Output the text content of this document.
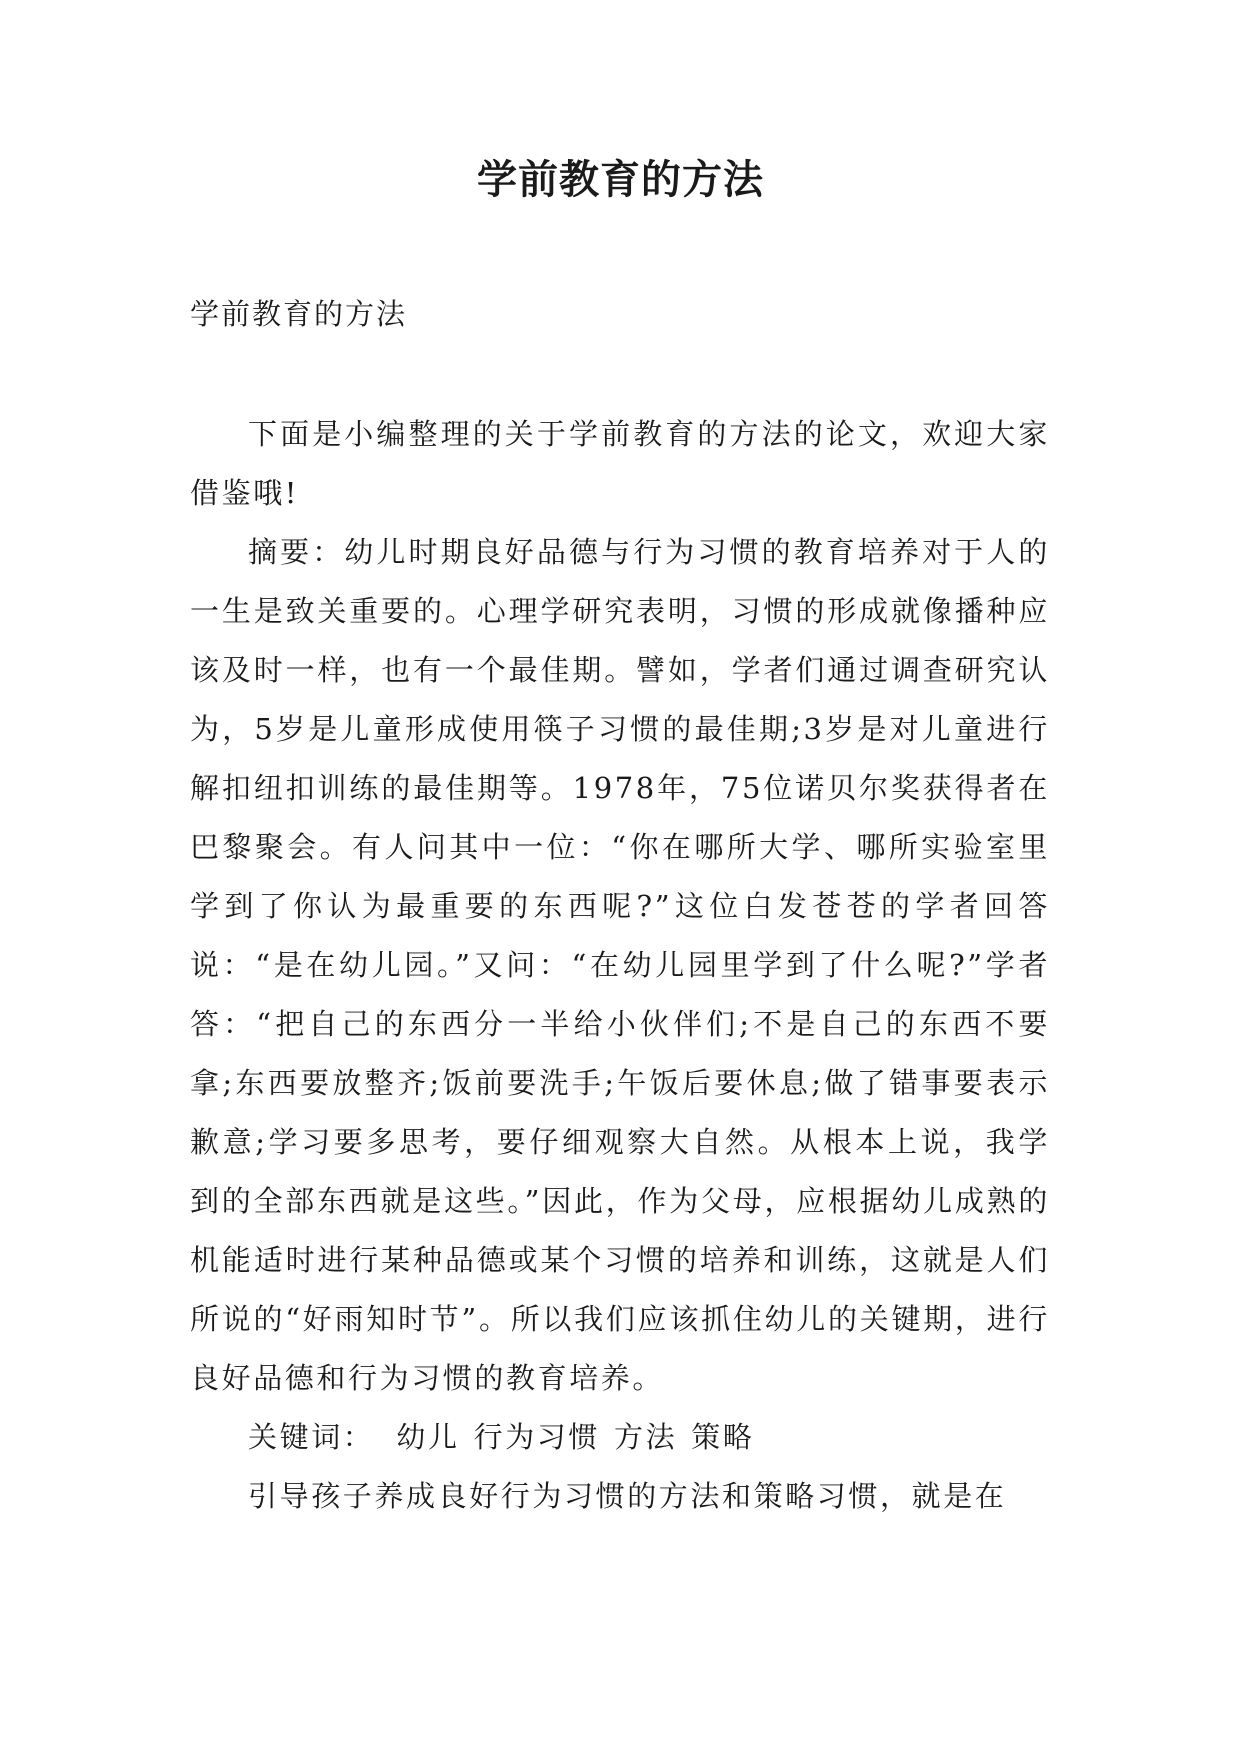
学前教育的方法

学前教育的方法

下面是小编整理的关于学前教育的方法的论文，欢迎大家借鉴哦!

摘要：幼儿时期良好品德与行为习惯的教育培养对于人的一生是致关重要的。心理学研究表明，习惯的形成就像播种应该及时一样，也有一个最佳期。譬如，学者们通过调查研究认为，5岁是儿童形成使用筷子习惯的最佳期;3岁是对儿童进行解扣纽扣训练的最佳期等。1978年，75位诺贝尔奖获得者在巴黎聚会。有人问其中一位：“你在哪所大学、哪所实验室里学到了你认为最重要的东西呢?”这位白发苍苍的学者回答说：“是在幼儿园。”又问：“在幼儿园里学到了什么呢?”学者答：“把自己的东西分一半给小伙伴们;不是自己的东西不要拿;东西要放整齐;饭前要洗手;午饭后要休息;做了错事要表示歉意;学习要多思考，要仔细观察大自然。从根本上说，我学到的全部东西就是这些。”因此，作为父母，应根据幼儿成熟的机能适时进行某种品德或某个习惯的培养和训练，这就是人们所说的“好雨知时节”。所以我们应该抓住幼儿的关键期，进行良好品德和行为习惯的教育培养。

关键词： 幼儿 行为习惯 方法 策略

引导孩子养成良好行为习惯的方法和策略习惯，就是在
